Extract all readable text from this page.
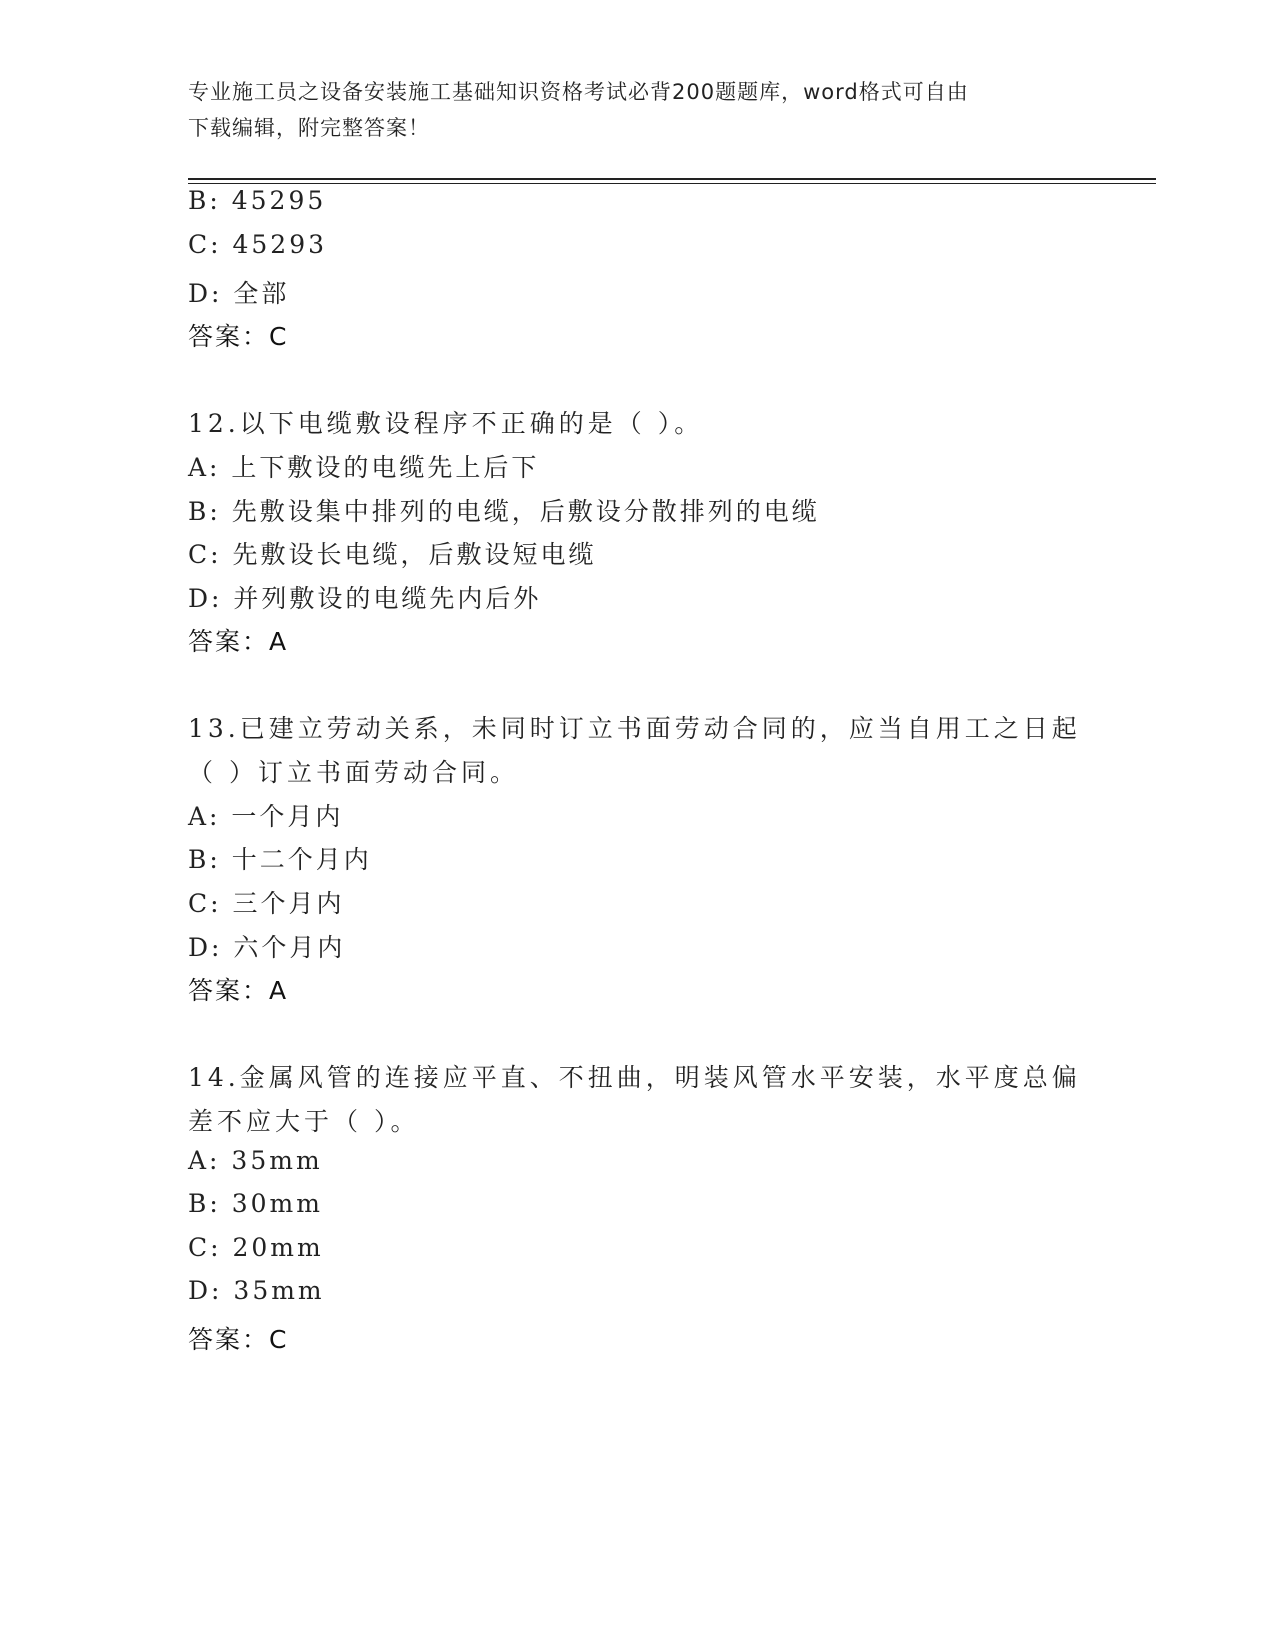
专业施工员之设备安装施工基础知识资格考试必背200题题库，word格式可自由
下载编辑，附完整答案！
B: 45295
C: 45293
D: 全部
答案：C
12.以下电缆敷设程序不正确的是（ ）。
A: 上下敷设的电缆先上后下
B: 先敷设集中排列的电缆，后敷设分散排列的电缆
C: 先敷设长电缆，后敷设短电缆
D: 并列敷设的电缆先内后外
答案：A
13.已建立劳动关系，未同时订立书面劳动合同的，应当自用工之日起
（ ）订立书面劳动合同。
A: 一个月内
B: 十二个月内
C: 三个月内
D: 六个月内
答案：A
14.金属风管的连接应平直、不扭曲，明装风管水平安装，水平度总偏
差不应大于（ ）。
A: 35mm
B: 30mm
C: 20mm
D: 35mm
答案：C
